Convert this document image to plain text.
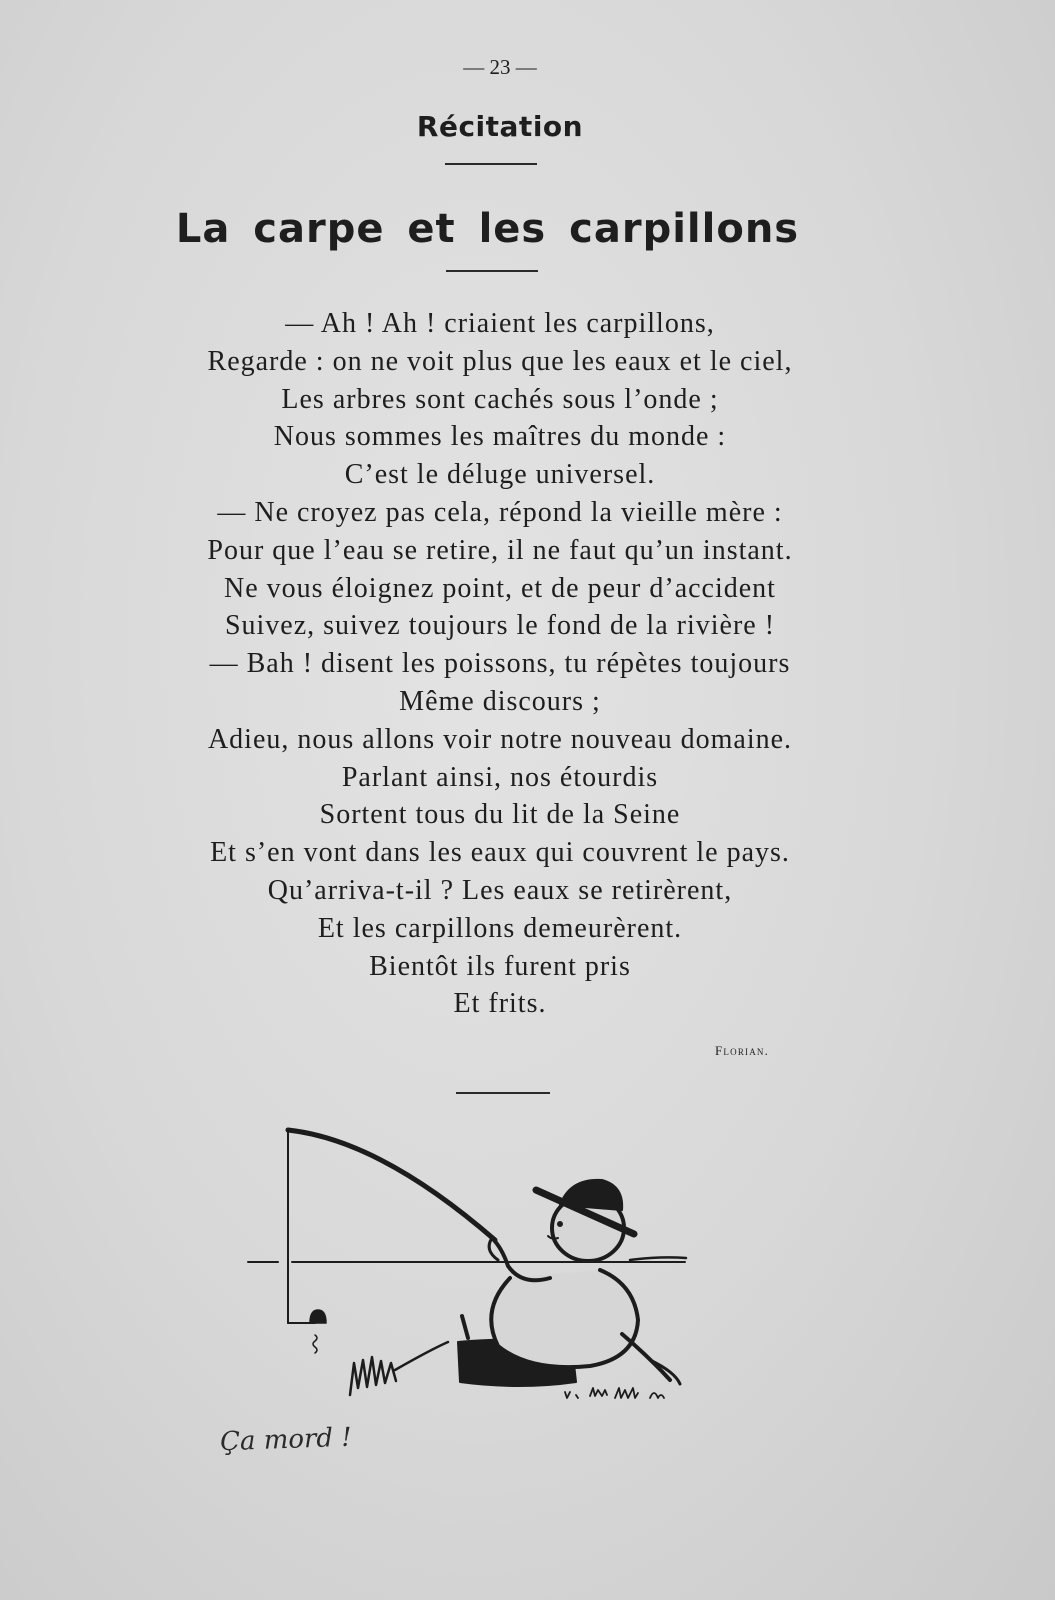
— 23 —
Récitation
La carpe et les carpillons
— Ah ! Ah ! criaient les carpillons,
Regarde : on ne voit plus que les eaux et le ciel,
Les arbres sont cachés sous l’onde ;
Nous sommes les maîtres du monde :
C’est le déluge universel.
— Ne croyez pas cela, répond la vieille mère :
Pour que l’eau se retire, il ne faut qu’un instant.
Ne vous éloignez point, et de peur d’accident
Suivez, suivez toujours le fond de la rivière !
— Bah ! disent les poissons, tu répètes toujours
Même discours ;
Adieu, nous allons voir notre nouveau domaine.
Parlant ainsi, nos étourdis
Sortent tous du lit de la Seine
Et s’en vont dans les eaux qui couvrent le pays.
Qu’arriva-t-il ? Les eaux se retirèrent,
Et les carpillons demeurèrent.
Bientôt ils furent pris
Et frits.
Florian.
Ça mord !
